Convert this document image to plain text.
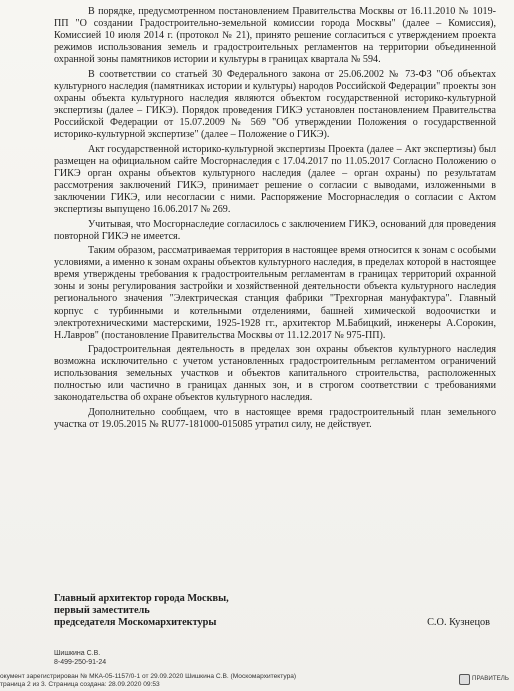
В порядке, предусмотренном постановлением Правительства Москвы от 16.11.2010 № 1019-ПП "О создании Градостроительно-земельной комиссии города Москвы" (далее – Комиссия), Комиссией 10 июля 2014 г. (протокол № 21), принято решение согласиться с утверждением проекта режимов использования земель и градостроительных регламентов на территории объединенной охранной зоны памятников истории и культуры в границах квартала № 594.

В соответствии со статьей 30 Федерального закона от 25.06.2002 № 73-ФЗ "Об объектах культурного наследия (памятниках истории и культуры) народов Российской Федерации" проекты зон охраны объекта культурного наследия являются объектом государственной историко-культурной экспертизы (далее – ГИКЭ). Порядок проведения ГИКЭ установлен постановлением Правительства Российской Федерации от 15.07.2009 № 569 "Об утверждении Положения о государственной историко-культурной экспертизе" (далее – Положение о ГИКЭ).

Акт государственной историко-культурной экспертизы Проекта (далее – Акт экспертизы) был размещен на официальном сайте Мосгорнаследия с 17.04.2017 по 11.05.2017 Согласно Положению о ГИКЭ орган охраны объектов культурного наследия (далее – орган охраны) по результатам рассмотрения заключений ГИКЭ, принимает решение о согласии с выводами, изложенными в заключении ГИКЭ, или несогласии с ними. Распоряжение Мосгорнаследия о согласии с Актом экспертизы выпущено 16.06.2017 № 269.

Учитывая, что Мосгорнаследие согласилось с заключением ГИКЭ, оснований для проведения повторной ГИКЭ не имеется.

Таким образом, рассматриваемая территория в настоящее время относится к зонам с особыми условиями, а именно к зонам охраны объектов культурного наследия, в пределах которой в настоящее время утверждены требования к градостроительным регламентам в границах территорий охранной зоны и зоны регулирования застройки и хозяйственной деятельности объекта культурного наследия регионального значения "Электрическая станция фабрики "Трехгорная мануфактура". Главный корпус с турбинными и котельными отделениями, башней химической водоочистки и электротехническими мастерскими, 1925-1928 гг., архитектор М.Бабицкий, инженеры А.Сорокин, Н.Лавров" (постановление Правительства Москвы от 11.12.2017 № 975-ПП).

Градостроительная деятельность в пределах зон охраны объектов культурного наследия возможна исключительно с учетом установленных градостроительным регламентом ограничений использования земельных участков и объектов капитального строительства, расположенных полностью или частично в границах данных зон, и в строгом соответствии с требованиями законодательства об охране объектов культурного наследия.

Дополнительно сообщаем, что в настоящее время градостроительный план земельного участка от 19.05.2015 № RU77-181000-015085 утратил силу, не действует.

Главный архитектор города Москвы,
первый заместитель
председателя Москомархитектуры	С.О. Кузнецов
Шишкина С.В.
8-499-250-91-24
окумент зарегистрирован № МКА-05-1157/0-1 от 29.09.2020 Шишкина С.В. (Москомархитектура)
траница 2 из 3. Страница создана: 28.09.2020 09:53
ПРАВИТЕЛЬ
